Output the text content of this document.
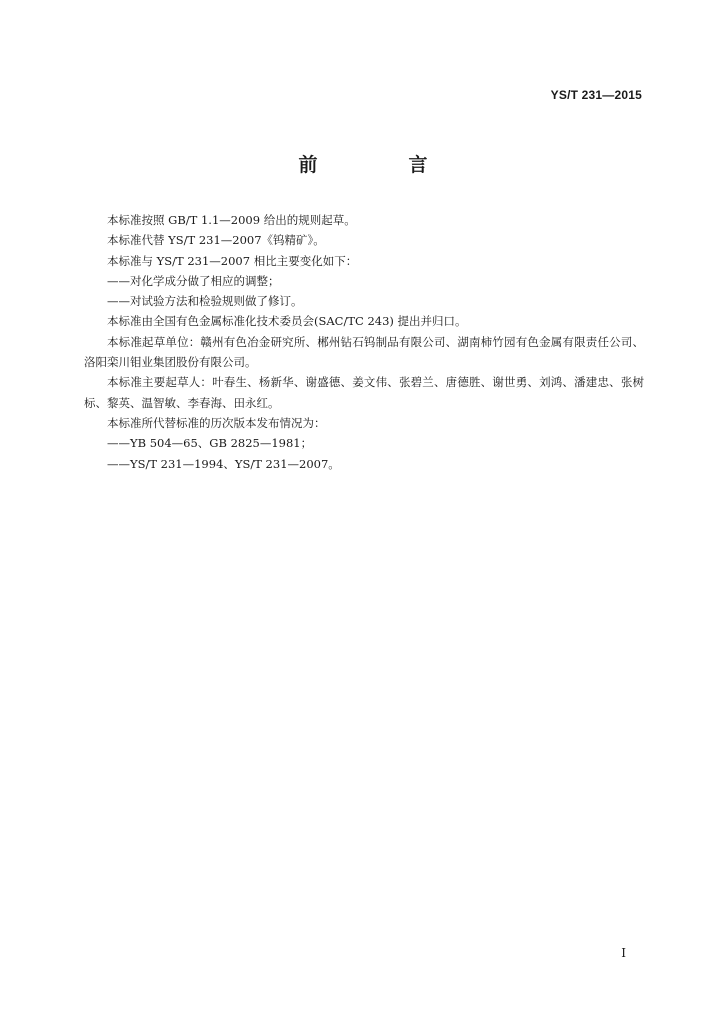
YS/T 231—2015
前　言

本标准按照 GB/T 1.1—2009 给出的规则起草。

本标准代替 YS/T 231—2007《钨精矿》。

本标准与 YS/T 231—2007 相比主要变化如下：

——对化学成分做了相应的调整；

——对试验方法和检验规则做了修订。

本标准由全国有色金属标准化技术委员会(SAC/TC 243) 提出并归口。

本标准起草单位：赣州有色冶金研究所、郴州钻石钨制品有限公司、湖南柿竹园有色金属有限责任公司、洛阳栾川钼业集团股份有限公司。

本标准主要起草人：叶春生、杨新华、谢盛德、姜文伟、张碧兰、唐德胜、谢世勇、刘鸿、潘建忠、张树标、黎英、温智敏、李春海、田永红。

本标准所代替标准的历次版本发布情况为：

——YB 504—65、GB 2825—1981；

——YS/T 231—1994、YS/T 231—2007。

I
